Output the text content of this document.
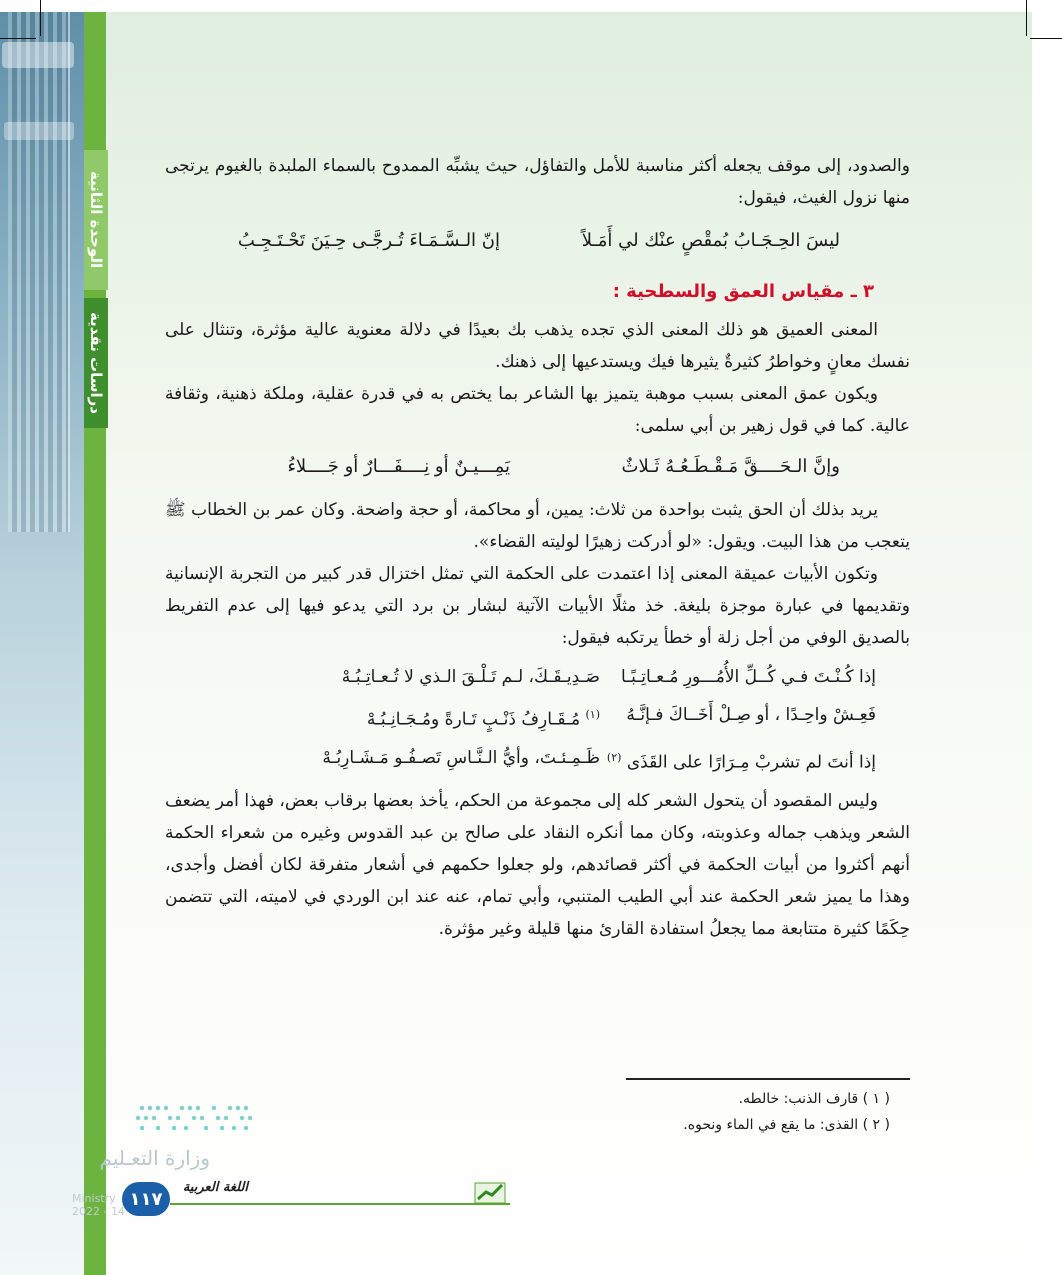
الوحدة الثانية
دراسات نقدية

والصدود، إلى موقف يجعله أكثر مناسبة للأمل والتفاؤل، حيث يشبِّه الممدوح بالسماء الملبدة بالغيوم يرتجى منها نزول الغيث، فيقول:

ليسَ الحِـجَـابُ بُمقْصٍ عنْك لي أَمَـلاً
إنّ الـسَّـمَـاءَ تُـرجَّـى حِـيَنَ تَحْـتَـجِـبُ
٣ ـ مقياس العمق والسطحية :

المعنى العميق هو ذلك المعنى الذي تجده يذهب بك بعيدًا في دلالة معنوية عالية مؤثرة، وتنثال على نفسك معانٍ وخواطرُ كثيرةٌ يثيرها فيك ويستدعيها إلى ذهنك.

ويكون عمق المعنى بسبب موهبة يتميز بها الشاعر بما يختص به في قدرة عقلية، وملكة ذهنية، وثقافة عالية. كما في قول زهير بن أبي سلمى:

وإنَّ الـحَــــقَّ مَـقْـطَـعُـهُ ثَـلاثٌ
يَمِـــيـنٌ أو نِــــفَـــارٌ أو جَــــلاءُ

يريد بذلك أن الحق يثبت بواحدة من ثلاث: يمين، أو محاكمة، أو حجة واضحة. وكان عمر بن الخطاب ﷺ يتعجب من هذا البيت. ويقول: «لو أدركت زهيرًا لوليته القضاء».

وتكون الأبيات عميقة المعنى إذا اعتمدت على الحكمة التي تمثل اختزال قدر كبير من التجربة الإنسانية وتقديمها في عبارة موجزة بليغة. خذ مثلًا الأبيات الآتية لبشار بن برد التي يدعو فيها إلى عدم التفريط بالصديق الوفي من أجل زلة أو خطأ يرتكبه فيقول:

إذا كُـنْـتَ فـي كُــلِّ الأُمُـــورِ مُـعـاتِـبًـا
صَـدِيـقَـكَ، لـم تَـلْـقَ الـذي لا تُـعـاتِـبُـهْ
فَعِـشْ واحِـدًا ، أو صِـلْ أَخَــاكَ فـإنَّـهُ
$^{(١)}$ مُـقَـارِفُ ذَنْـبٍ تَـارةً ومُـجَـانِـبُـهْ
إذا أنتَ لم تشربْ مِـرَارًا على القَذَى $^{(٢)}$
ظَـمِـئـتَ، وأيُّ الـنَّـاسِ تَصـفُـو مَـشَـارِبُـهْ

وليس المقصود أن يتحول الشعر كله إلى مجموعة من الحكم، يأخذ بعضها برقاب بعض، فهذا أمر يضعف الشعر ويذهب جماله وعذوبته، وكان مما أنكره النقاد على صالح بن عبد القدوس وغيره من شعراء الحكمة أنهم أكثروا من أبيات الحكمة في أكثر قصائدهم، ولو جعلوا حكمهم في أشعار متفرقة لكان أفضل وأجدى، وهذا ما يميز شعر الحكمة عند أبي الطيب المتنبي، وأبي تمام، عنه عند ابن الوردي في لاميته، التي تتضمن حِكَمًا كثيرة متتابعة مما يجعلُ استفادة القارئ منها قليلة وغير مؤثرة.

( ١ ) قارف الذنب: خالطه.
( ٢ ) القذى: ما يقع في الماء ونحوه.
وزارة التعـليم
Ministry
2022 - 14
١١٧
اللغة العربية
